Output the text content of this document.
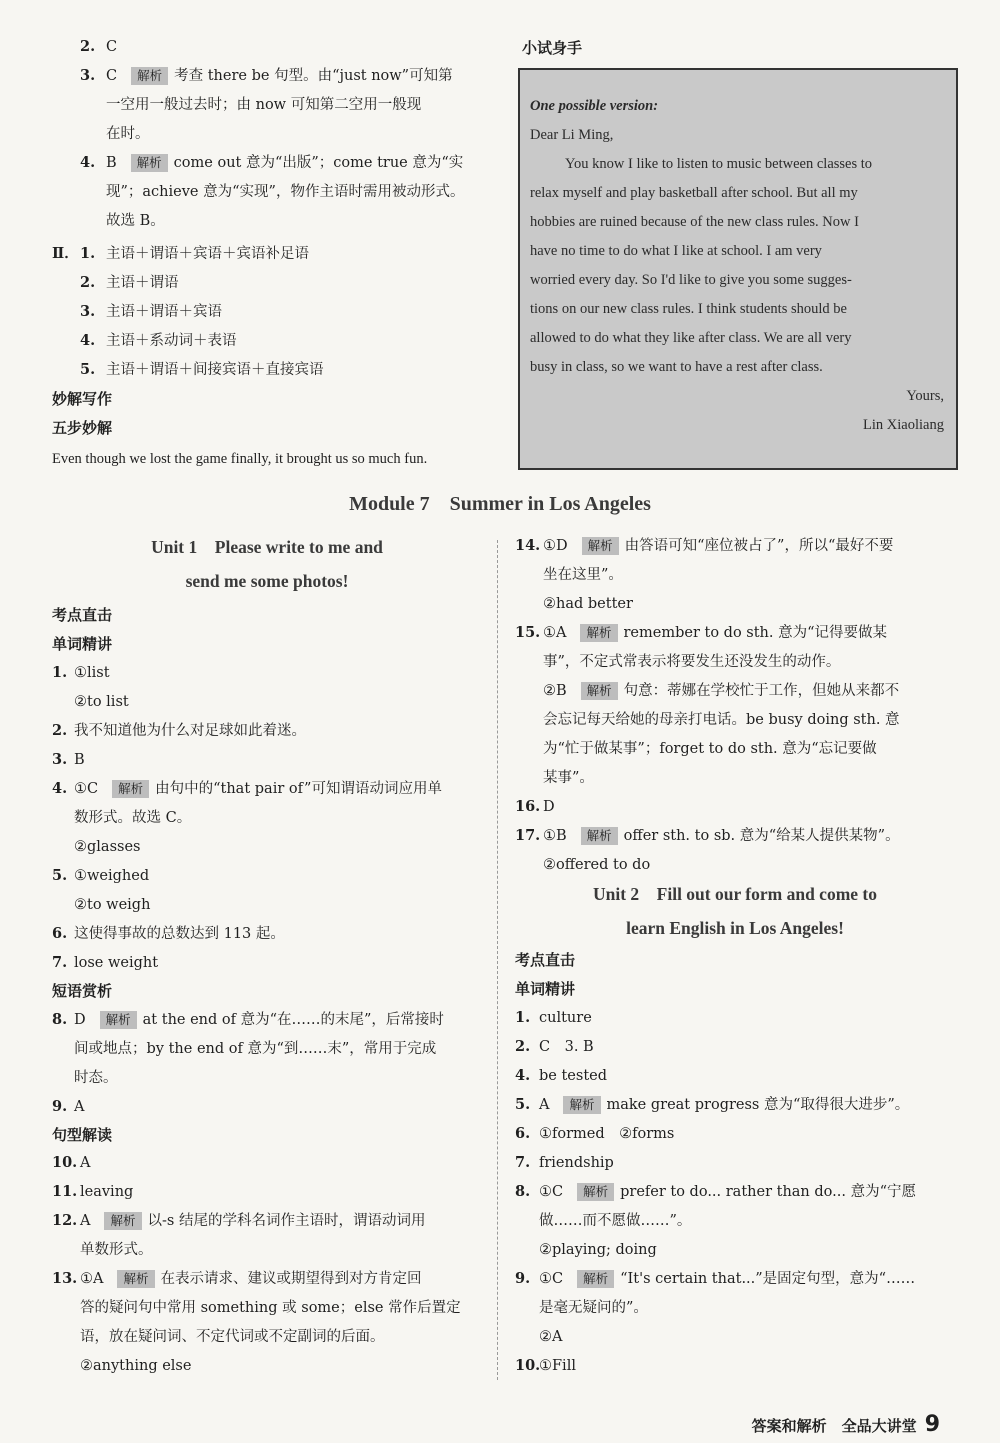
小试身手
One possible version:
Dear Li Ming,
You know I like to listen to music between classes to
relax myself and play basketball after school. But all my
hobbies are ruined because of the new class rules. Now I
have no time to do what I like at school. I am very
worried every day. So I'd like to give you some sugges-
tions on our new class rules. I think students should be
allowed to do what they like after class. We are all very
busy in class, so we want to have a rest after class.
Yours,
Lin Xiaoliang
Module 7　Summer in Los Angeles
Unit 1　Please write to me and
send me some photos!
答案和解析　全品大讲堂 9
2. C
3. C 解析 考查 there be 句型。由“just now”可知第
一空用一般过去时；由 now 可知第二空用一般现
在时。
4. B 解析 come out 意为“出版”；come true 意为“实
现”；achieve 意为“实现”，物作主语时需用被动形式。
故选 B。
Ⅱ． 1. 主语＋谓语＋宾语＋宾语补足语
2. 主语＋谓语
3. 主语＋谓语＋宾语
4. 主语＋系动词＋表语
5. 主语＋谓语＋间接宾语＋直接宾语
妙解写作
五步妙解
Even though we lost the game finally, it brought us so much fun.
考点直击
单词精讲
1. ①list
②to list
2. 我不知道他为什么对足球如此着迷。
3. B
4. ①C 解析 由句中的“that pair of”可知谓语动词应用单
数形式。故选 C。
②glasses
5. ①weighed
②to weigh
6. 这使得事故的总数达到 113 起。
7. lose weight
短语赏析
8. D 解析 at the end of 意为“在……的末尾”，后常接时
间或地点；by the end of 意为“到……末”，常用于完成
时态。
9. A
句型解读
10. A
11. leaving
12. A 解析 以-s 结尾的学科名词作主语时，谓语动词用
单数形式。
13. ①A 解析 在表示请求、建议或期望得到对方肯定回
答的疑问句中常用 something 或 some；else 常作后置定
语，放在疑问词、不定代词或不定副词的后面。
②anything else
14. ①D 解析 由答语可知“座位被占了”，所以“最好不要
坐在这里”。
②had better
15. ①A 解析 remember to do sth. 意为“记得要做某
事”，不定式常表示将要发生还没发生的动作。
②B 解析 句意：蒂娜在学校忙于工作，但她从来都不
会忘记每天给她的母亲打电话。be busy doing sth. 意
为“忙于做某事”；forget to do sth. 意为“忘记要做
某事”。
16. D
17. ①B 解析 offer sth. to sb. 意为“给某人提供某物”。
②offered to do
Unit 2　Fill out our form and come to
learn English in Los Angeles!
考点直击
单词精讲
1. culture
2. C　3. B
4. be tested
5. A 解析 make great progress 意为“取得很大进步”。
6. ①formed　②forms
7. friendship
8. ①C 解析 prefer to do... rather than do... 意为“宁愿
做……而不愿做……”。
②playing; doing
9. ①C 解析 “It's certain that...”是固定句型，意为“……
是毫无疑问的”。
②A
10.①Fill
